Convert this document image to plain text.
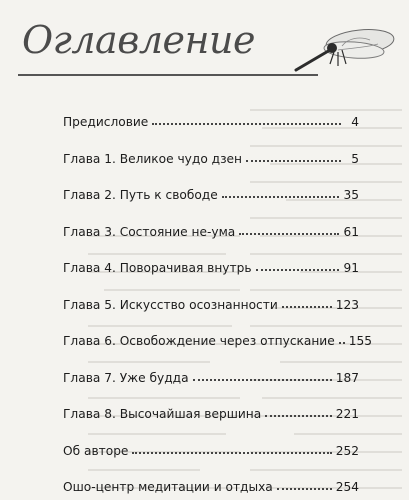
Оглавление
Предисловие	4
Глава 1. Великое чудо дзен	5
Глава 2. Путь к свободе	35
Глава 3. Состояние не-ума	61
Глава 4. Поворачивая внутрь	91
Глава 5. Искусство осознанности	123
Глава 6. Освобождение через отпускание 155
Глава 7. Уже будда	187
Глава 8. Высочайшая вершина	221
Об авторе	252
Ошо-центр медитации и отдыха	254
